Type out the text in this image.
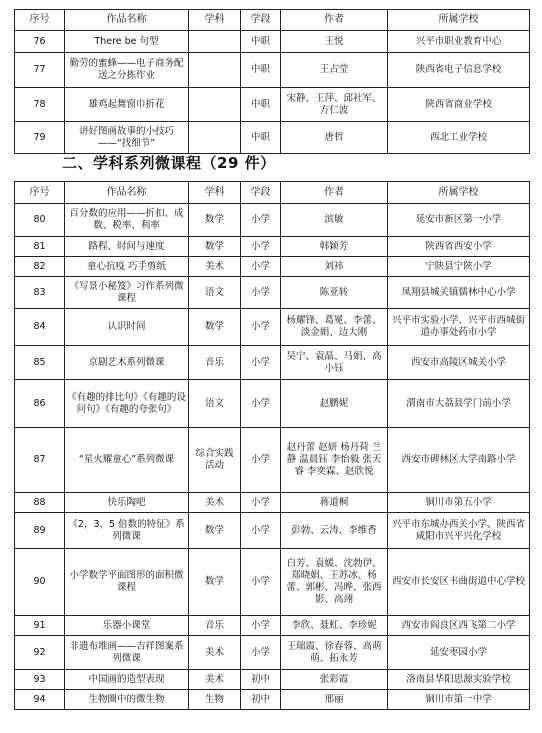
序号	作品名称	学科	学段	作者	所属学校
76	There be 句型		中职	王悦	兴平市职业教育中心
77	勤劳的蜜蜂——电子商务配送之分拣作业		中职	王占莹	陕西省电子信息学校
78	雄鸡起舞窗巾折花		中职	宋静、王萍、邱社军、方仁波	陕西省商业学校
79	讲好图画故事的小技巧——“找细节”		中职	唐哲	西北工业学校
二、学科系列微课程（29 件）
序号	作品名称	学科	学段	作者	所属学校
80	百分数的应用——折扣、成数、税率、利率	数学	小学	滨敏	延安市新区第一小学
81	路程、时间与速度	数学	小学	韩颖芳	陕西省西安小学
82	童心抗疫 巧手剪纸	美术	小学	刘祎	宁陕县宁陕小学
83	《写景小秘笈》习作系列微课程	语文	小学	陈亚转	凤翔县城关镇儒林中心小学
84	认识时间	数学	小学	杨耀锋、葛冕、李蕾、淡金娟、边大刚	兴平市实验小学、兴平市西城街道办事处药市小学
85	京剧艺术系列微课	音乐	小学	吴宁、袁晶、马娟、高小钰	西安市高陵区城关小学
86	《有趣的排比句》《有趣的设问句》《有趣的夸张句》	语文	小学	赵鹏妮	渭南市大荔县学门前小学
87	“星火耀童心”系列微课	综合实践活动	小学	赵丹蕾 赵妍 杨丹荷 兰静 温晨钰 李怡毅 张天睿 李奕霖、赵欣悦	西安市碑林区大学南路小学
88	快乐陶吧	美术	小学	蒋道桐	铜川市第五小学
89	《2，3，5 倍数的特征》系列微课	数学	小学	彭勃、云涛、李维香	兴平市东城办西关小学、陕西省咸阳市兴平兴化学校
90	小学数学平面图形的面积微课程	数学	小学	白芳、袁媛、沈勃伊、郑晓娟、王苏冰、杨蕾、郭彬、冯晔、张西影、高翊	西安市长安区韦曲街道中心学校
91	乐器小课堂	音乐	小学	李欣、聂虹、李珍妮	西安市阎良区西飞第二小学
92	非遗布堆画——吉祥图案系列微课	美术	小学	王瑞霞、徐春蓉、高萌萌、拓永芳	延安枣园小学
93	中国画的造型表现	美术	初中	张彩霞	洛南县华阳思源实验学校
94	生物圈中的微生物	生物	初中	邢丽	铜川市第一中学
